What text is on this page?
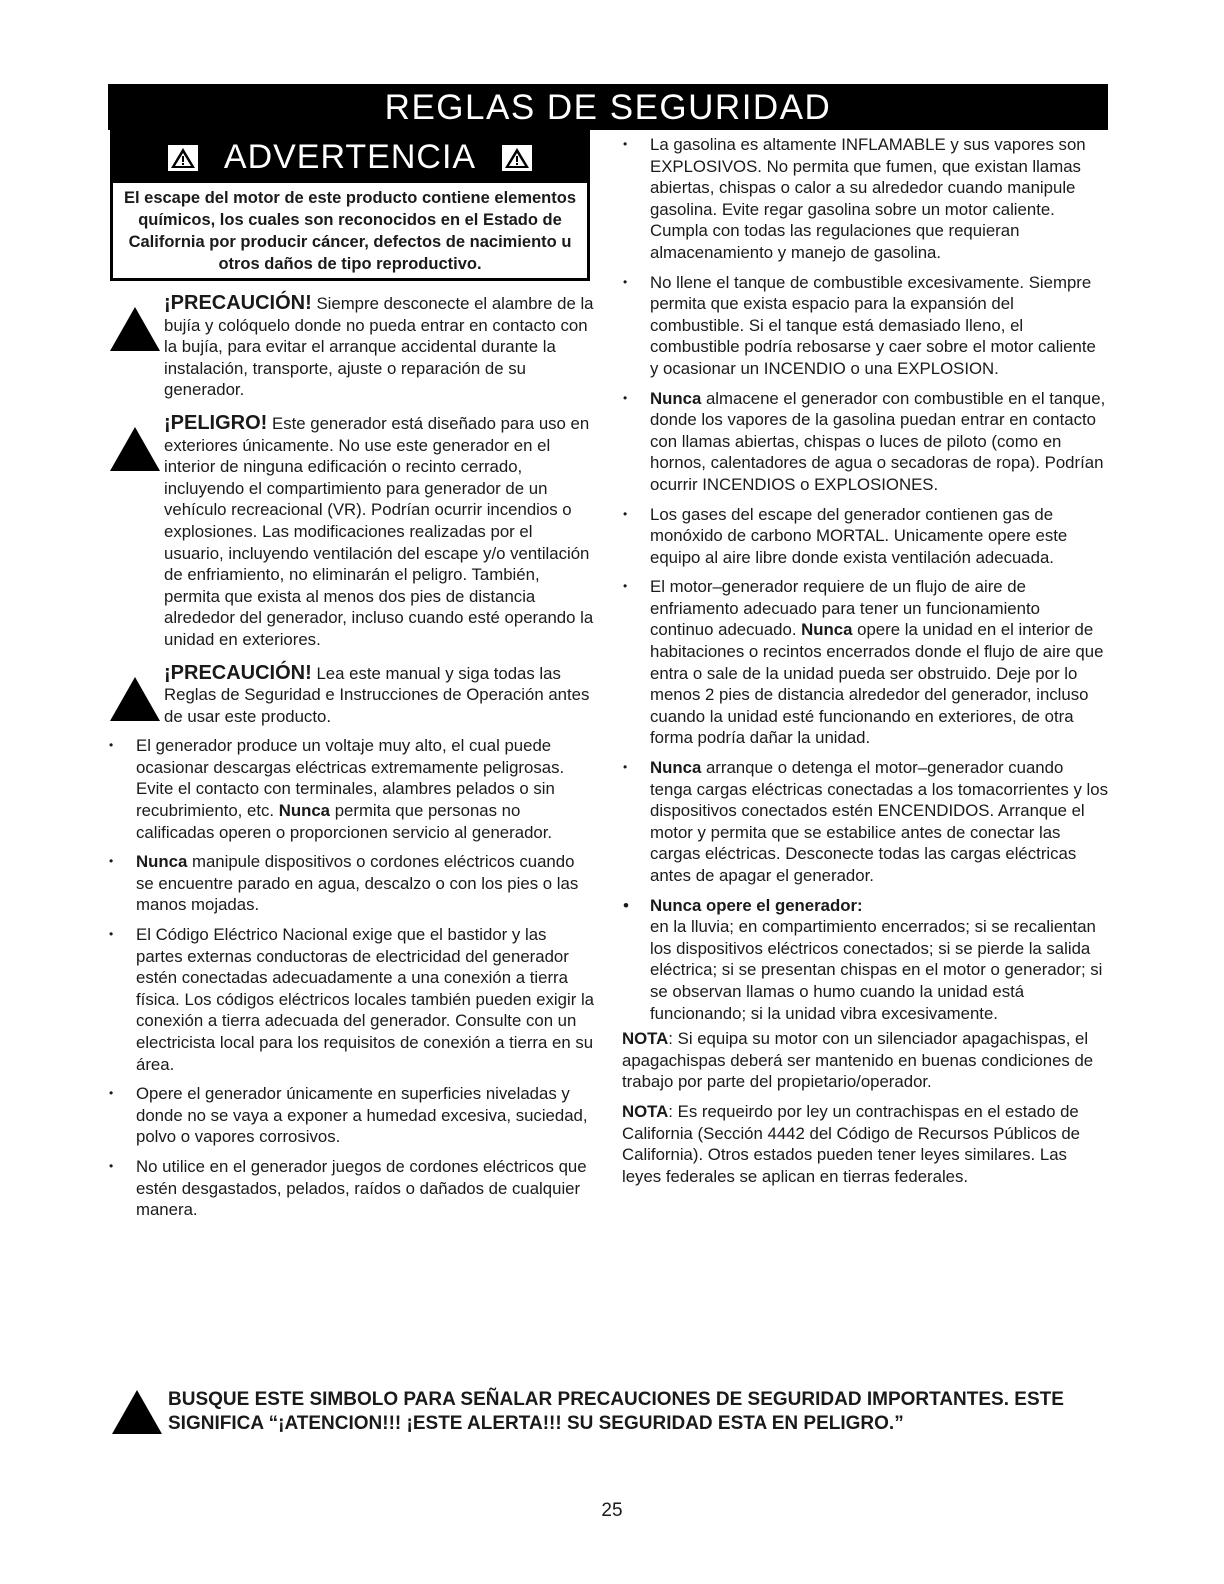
REGLAS DE SEGURIDAD
ADVERTENCIA
El escape del motor de este producto contiene elementos químicos, los cuales son reconocidos en el Estado de California por producir cáncer, defectos de nacimiento u otros daños de tipo reproductivo.
¡PRECAUCIÓN! Siempre desconecte el alambre de la bujía y colóquelo donde no pueda entrar en contacto con la bujía, para evitar el arranque accidental durante la instalación, transporte, ajuste o reparación de su generador.
¡PELIGRO! Este generador está diseñado para uso en exteriores únicamente. No use este generador en el interior de ninguna edificación o recinto cerrado, incluyendo el compartimiento para generador de un vehículo recreacional (VR). Podrían ocurrir incendios o explosiones. Las modificaciones realizadas por el usuario, incluyendo ventilación del escape y/o ventilación de enfriamiento, no eliminarán el peligro. También, permita que exista al menos dos pies de distancia alrededor del generador, incluso cuando esté operando la unidad en exteriores.
¡PRECAUCIÓN! Lea este manual y siga todas las Reglas de Seguridad e Instrucciones de Operación antes de usar este producto.
• El generador produce un voltaje muy alto, el cual puede ocasionar descargas eléctricas extremamente peligrosas. Evite el contacto con terminales, alambres pelados o sin recubrimiento, etc. Nunca permita que personas no calificadas operen o proporcionen servicio al generador.
• Nunca manipule dispositivos o cordones eléctricos cuando se encuentre parado en agua, descalzo o con los pies o las manos mojadas.
• El Código Eléctrico Nacional exige que el bastidor y las partes externas conductoras de electricidad del generador estén conectadas adecuadamente a una conexión a tierra física. Los códigos eléctricos locales también pueden exigir la conexión a tierra adecuada del generador. Consulte con un electricista local para los requisitos de conexión a tierra en su área.
• Opere el generador únicamente en superficies niveladas y donde no se vaya a exponer a humedad excesiva, suciedad, polvo o vapores corrosivos.
• No utilice en el generador juegos de cordones eléctricos que estén desgastados, pelados, raídos o dañados de cualquier manera.
• La gasolina es altamente INFLAMABLE y sus vapores son EXPLOSIVOS. No permita que fumen, que existan llamas abiertas, chispas o calor a su alrededor cuando manipule gasolina. Evite regar gasolina sobre un motor caliente. Cumpla con todas las regulaciones que requieran almacenamiento y manejo de gasolina.
• No llene el tanque de combustible excesivamente. Siempre permita que exista espacio para la expansión del combustible. Si el tanque está demasiado lleno, el combustible podría rebosarse y caer sobre el motor caliente y ocasionar un INCENDIO o una EXPLOSION.
• Nunca almacene el generador con combustible en el tanque, donde los vapores de la gasolina puedan entrar en contacto con llamas abiertas, chispas o luces de piloto (como en hornos, calentadores de agua o secadoras de ropa). Podrían ocurrir INCENDIOS o EXPLOSIONES.
• Los gases del escape del generador contienen gas de monóxido de carbono MORTAL. Unicamente opere este equipo al aire libre donde exista ventilación adecuada.
• El motor–generador requiere de un flujo de aire de enfriamento adecuado para tener un funcionamiento continuo adecuado. Nunca opere la unidad en el interior de habitaciones o recintos encerrados donde el flujo de aire que entra o sale de la unidad pueda ser obstruido. Deje por lo menos 2 pies de distancia alrededor del generador, incluso cuando la unidad esté funcionando en exteriores, de otra forma podría dañar la unidad.
• Nunca arranque o detenga el motor–generador cuando tenga cargas eléctricas conectadas a los tomacorrientes y los dispositivos conectados estén ENCENDIDOS. Arranque el motor y permita que se estabilice antes de conectar las cargas eléctricas. Desconecte todas las cargas eléctricas antes de apagar el generador.
• Nunca opere el generador:
en la lluvia; en compartimiento encerrados; si se recalientan los dispositivos eléctricos conectados; si se pierde la salida eléctrica; si se presentan chispas en el motor o generador; si se observan llamas o humo cuando la unidad está funcionando; si la unidad vibra excesivamente.
NOTA: Si equipa su motor con un silenciador apagachispas, el apagachispas deberá ser mantenido en buenas condiciones de trabajo por parte del propietario/operador.
NOTA: Es requeirdo por ley un contrachispas en el estado de California (Sección 4442 del Código de Recursos Públicos de California). Otros estados pueden tener leyes similares. Las leyes federales se aplican en tierras federales.
BUSQUE ESTE SIMBOLO PARA SEÑALAR PRECAUCIONES DE SEGURIDAD IMPORTANTES. ESTE SIGNIFICA “¡ATENCION!!! ¡ESTE ALERTA!!! SU SEGURIDAD ESTA EN PELIGRO.”
25
